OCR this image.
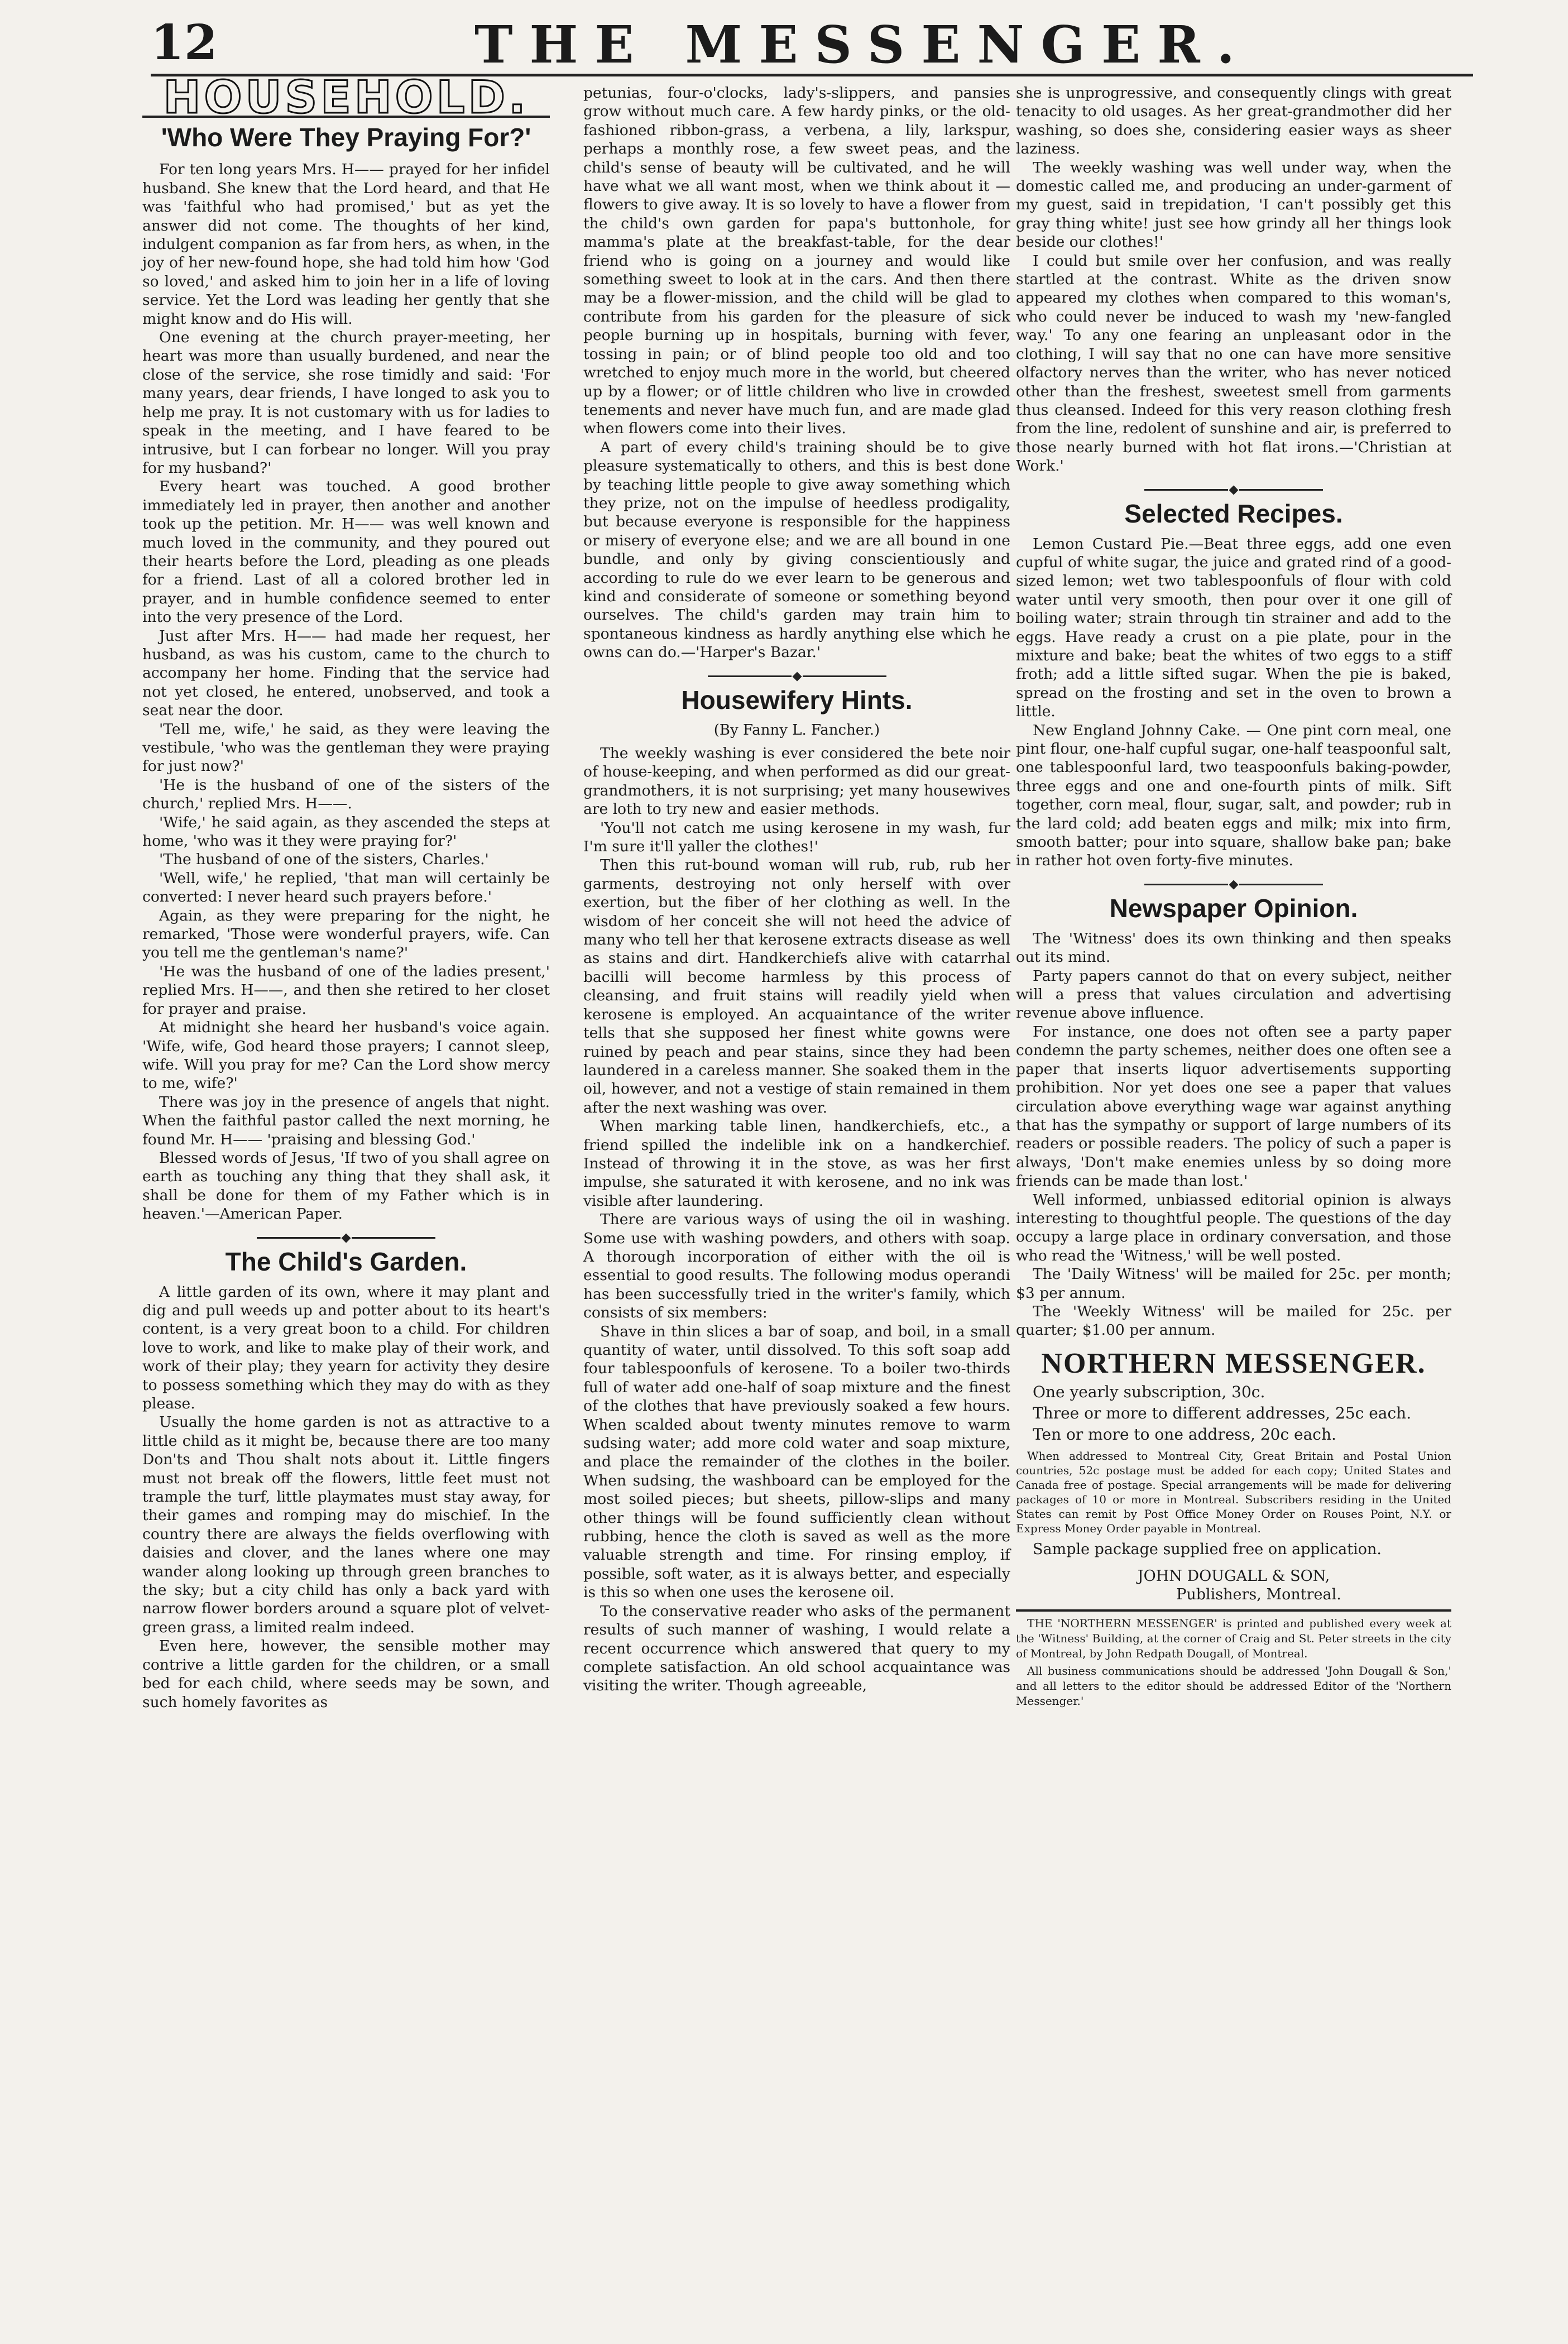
12	THE MESSENGER.
HOUSEHOLD.
'Who Were They Praying For?'

For ten long years Mrs. H—— prayed for her infidel husband. She knew that the Lord heard, and that He was 'faithful who had promised,' but as yet the answer did not come. The thoughts of her kind, indulgent companion as far from hers, as when, in the joy of her new-found hope, she had told him how 'God so loved,' and asked him to join her in a life of loving service. Yet the Lord was leading her gently that she might know and do His will.

One evening at the church prayer-meeting, her heart was more than usually burdened, and near the close of the service, she rose timidly and said: 'For many years, dear friends, I have longed to ask you to help me pray. It is not customary with us for ladies to speak in the meeting, and I have feared to be intrusive, but I can forbear no longer. Will you pray for my husband?'

Every heart was touched. A good brother immediately led in prayer, then another and another took up the petition. Mr. H—— was well known and much loved in the community, and they poured out their hearts before the Lord, pleading as one pleads for a friend. Last of all a colored brother led in prayer, and in humble confidence seemed to enter into the very presence of the Lord.

Just after Mrs. H—— had made her request, her husband, as was his custom, came to the church to accompany her home. Finding that the service had not yet closed, he entered, unobserved, and took a seat near the door.

'Tell me, wife,' he said, as they were leaving the vestibule, 'who was the gentleman they were praying for just now?'

'He is the husband of one of the sisters of the church,' replied Mrs. H——.

'Wife,' he said again, as they ascended the steps at home, 'who was it they were praying for?'

'The husband of one of the sisters, Charles.'

'Well, wife,' he replied, 'that man will certainly be converted: I never heard such prayers before.'

Again, as they were preparing for the night, he remarked, 'Those were wonderful prayers, wife. Can you tell me the gentleman's name?'

'He was the husband of one of the ladies present,' replied Mrs. H——, and then she retired to her closet for prayer and praise.

At midnight she heard her husband's voice again. 'Wife, wife, God heard those prayers; I cannot sleep, wife. Will you pray for me? Can the Lord show mercy to me, wife?'

There was joy in the presence of angels that night. When the faithful pastor called the next morning, he found Mr. H—— 'praising and blessing God.'

Blessed words of Jesus, 'If two of you shall agree on earth as touching any thing that they shall ask, it shall be done for them of my Father which is in heaven.'—American Paper.

The Child's Garden.

A little garden of its own, where it may plant and dig and pull weeds up and potter about to its heart's content, is a very great boon to a child. For children love to work, and like to make play of their work, and work of their play; they yearn for activity they desire to possess something which they may do with as they please.

Usually the home garden is not as attractive to a little child as it might be, because there are too many Don'ts and Thou shalt nots about it. Little fingers must not break off the flowers, little feet must not trample the turf, little playmates must stay away, for their games and romping may do mischief. In the country there are always the fields overflowing with daisies and clover, and the lanes where one may wander along looking up through green branches to the sky; but a city child has only a back yard with narrow flower borders around a square plot of velvet-green grass, a limited realm indeed.

Even here, however, the sensible mother may contrive a little garden for the children, or a small bed for each child, where seeds may be sown, and such homely favorites as

petunias, four-o'clocks, lady's-slippers, and pansies grow without much care. A few hardy pinks, or the old-fashioned ribbon-grass, a verbena, a lily, larkspur, perhaps a monthly rose, a few sweet peas, and the child's sense of beauty will be cultivated, and he will have what we all want most, when we think about it — flowers to give away. It is so lovely to have a flower from the child's own garden for papa's buttonhole, for mamma's plate at the breakfast-table, for the dear friend who is going on a journey and would like something sweet to look at in the cars. And then there may be a flower-mission, and the child will be glad to contribute from his garden for the pleasure of sick people burning up in hospitals, burning with fever, tossing in pain; or of blind people too old and too wretched to enjoy much more in the world, but cheered up by a flower; or of little children who live in crowded tenements and never have much fun, and are made glad when flowers come into their lives.

A part of every child's training should be to give pleasure systematically to others, and this is best done by teaching little people to give away something which they prize, not on the impulse of heedless prodigality, but because everyone is responsible for the happiness or misery of everyone else; and we are all bound in one bundle, and only by giving conscientiously and according to rule do we ever learn to be generous and kind and considerate of someone or something beyond ourselves. The child's garden may train him to spontaneous kindness as hardly anything else which he owns can do.—'Harper's Bazar.'

Housewifery Hints.
(By Fanny L. Fancher.)

The weekly washing is ever considered the bete noir of house-keeping, and when performed as did our great-grandmothers, it is not surprising; yet many housewives are loth to try new and easier methods.

'You'll not catch me using kerosene in my wash, fur I'm sure it'll yaller the clothes!'

Then this rut-bound woman will rub, rub, rub her garments, destroying not only herself with over exertion, but the fiber of her clothing as well. In the wisdom of her conceit she will not heed the advice of many who tell her that kerosene extracts disease as well as stains and dirt. Handkerchiefs alive with catarrhal bacilli will become harmless by this process of cleansing, and fruit stains will readily yield when kerosene is employed. An acquaintance of the writer tells that she supposed her finest white gowns were ruined by peach and pear stains, since they had been laundered in a careless manner. She soaked them in the oil, however, and not a vestige of stain remained in them after the next washing was over.

When marking table linen, handkerchiefs, etc., a friend spilled the indelible ink on a handkerchief. Instead of throwing it in the stove, as was her first impulse, she saturated it with kerosene, and no ink was visible after laundering.

There are various ways of using the oil in washing. Some use with washing powders, and others with soap. A thorough incorporation of either with the oil is essential to good results. The following modus operandi has been successfully tried in the writer's family, which consists of six members:

Shave in thin slices a bar of soap, and boil, in a small quantity of water, until dissolved. To this soft soap add four tablespoonfuls of kerosene. To a boiler two-thirds full of water add one-half of soap mixture and the finest of the clothes that have previously soaked a few hours. When scalded about twenty minutes remove to warm sudsing water; add more cold water and soap mixture, and place the remainder of the clothes in the boiler. When sudsing, the washboard can be employed for the most soiled pieces; but sheets, pillow-slips and many other things will be found sufficiently clean without rubbing, hence the cloth is saved as well as the more valuable strength and time. For rinsing employ, if possible, soft water, as it is always better, and especially is this so when one uses the kerosene oil.

To the conservative reader who asks of the permanent results of such manner of washing, I would relate a recent occurrence which answered that query to my complete satisfaction. An old school acquaintance was visiting the writer. Though agreeable,

she is unprogressive, and consequently clings with great tenacity to old usages. As her great-grandmother did her washing, so does she, considering easier ways as sheer laziness.

The weekly washing was well under way, when the domestic called me, and producing an under-garment of my guest, said in trepidation, 'I can't possibly get this gray thing white! just see how grindy all her things look beside our clothes!'

I could but smile over her confusion, and was really startled at the contrast. White as the driven snow appeared my clothes when compared to this woman's, who could never be induced to wash my 'new-fangled way.' To any one fearing an unpleasant odor in the clothing, I will say that no one can have more sensitive olfactory nerves than the writer, who has never noticed other than the freshest, sweetest smell from garments thus cleansed. Indeed for this very reason clothing fresh from the line, redolent of sunshine and air, is preferred to those nearly burned with hot flat irons.—'Christian at Work.'

Selected Recipes.

Lemon Custard Pie.—Beat three eggs, add one even cupful of white sugar, the juice and grated rind of a good-sized lemon; wet two tablespoonfuls of flour with cold water until very smooth, then pour over it one gill of boiling water; strain through tin strainer and add to the eggs. Have ready a crust on a pie plate, pour in the mixture and bake; beat the whites of two eggs to a stiff froth; add a little sifted sugar. When the pie is baked, spread on the frosting and set in the oven to brown a little.

New England Johnny Cake. — One pint corn meal, one pint flour, one-half cupful sugar, one-half teaspoonful salt, one tablespoonful lard, two teaspoonfuls baking-powder, three eggs and one and one-fourth pints of milk. Sift together, corn meal, flour, sugar, salt, and powder; rub in the lard cold; add beaten eggs and milk; mix into firm, smooth batter; pour into square, shallow bake pan; bake in rather hot oven forty-five minutes.

Newspaper Opinion.

The 'Witness' does its own thinking and then speaks out its mind.

Party papers cannot do that on every subject, neither will a press that values circulation and advertising revenue above influence.

For instance, one does not often see a party paper condemn the party schemes, neither does one often see a paper that inserts liquor advertisements supporting prohibition. Nor yet does one see a paper that values circulation above everything wage war against anything that has the sympathy or support of large numbers of its readers or possible readers. The policy of such a paper is always, 'Don't make enemies unless by so doing more friends can be made than lost.'

Well informed, unbiassed editorial opinion is always interesting to thoughtful people. The questions of the day occupy a large place in ordinary conversation, and those who read the 'Witness,' will be well posted.

The 'Daily Witness' will be mailed for 25c. per month; $3 per annum.

The 'Weekly Witness' will be mailed for 25c. per quarter; $1.00 per annum.

NORTHERN MESSENGER.

One yearly subscription, 30c.

Three or more to different addresses, 25c each.

Ten or more to one address, 20c each.

When addressed to Montreal City, Great Britain and Postal Union countries, 52c postage must be added for each copy; United States and Canada free of postage. Special arrangements will be made for delivering packages of 10 or more in Montreal. Subscribers residing in the United States can remit by Post Office Money Order on Rouses Point, N.Y. or Express Money Order payable in Montreal.

Sample package supplied free on application.

JOHN DOUGALL & SON,
Publishers, Montreal.

THE 'NORTHERN MESSENGER' is printed and published every week at the 'Witness' Building, at the corner of Craig and St. Peter streets in the city of Montreal, by John Redpath Dougall, of Montreal.

All business communications should be addressed 'John Dougall & Son,' and all letters to the editor should be addressed Editor of the 'Northern Messenger.'
